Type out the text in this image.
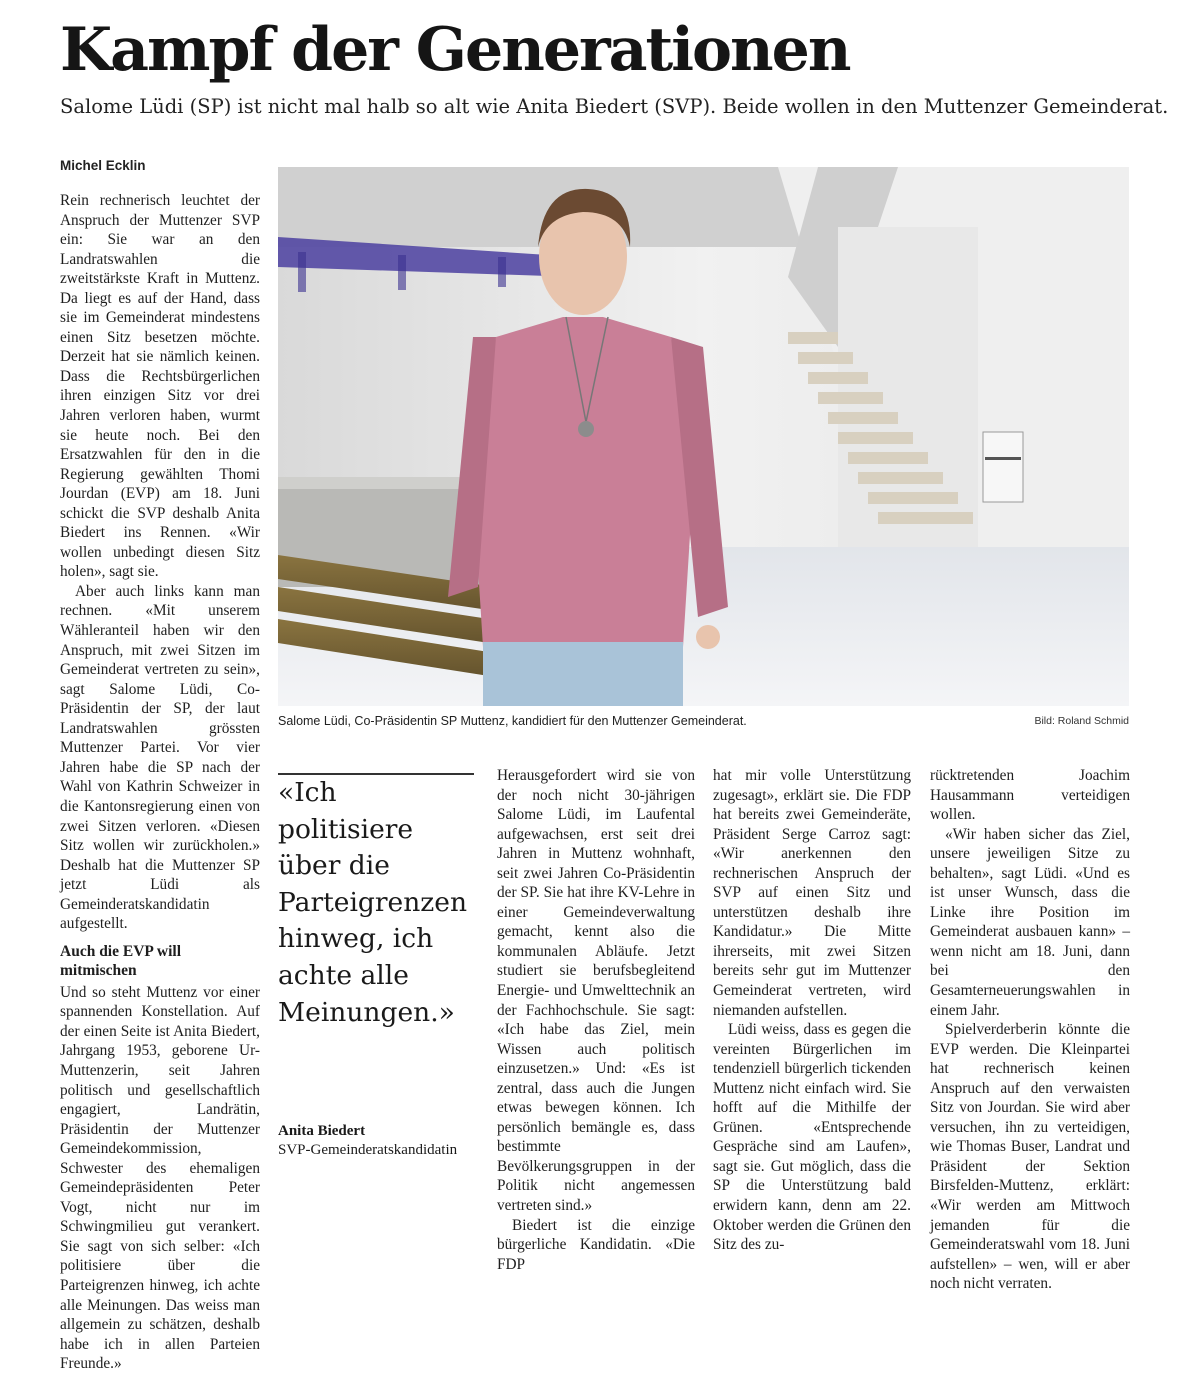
Kampf der Generationen

Salome Lüdi (SP) ist nicht mal halb so alt wie Anita Biedert (SVP). Beide wollen in den Muttenzer Gemeinderat.

Michel Ecklin

Rein rechnerisch leuchtet der Anspruch der Muttenzer SVP ein: Sie war an den Landratswahlen die zweitstärkste Kraft in Muttenz. Da liegt es auf der Hand, dass sie im Gemeinderat mindestens einen Sitz besetzen möchte. Derzeit hat sie nämlich keinen. Dass die Rechtsbürgerlichen ihren einzigen Sitz vor drei Jahren verloren haben, wurmt sie heute noch. Bei den Ersatzwahlen für den in die Regierung gewählten Thomi Jourdan (EVP) am 18. Juni schickt die SVP deshalb Anita Biedert ins Rennen. «Wir wollen unbedingt diesen Sitz holen», sagt sie.

Aber auch links kann man rechnen. «Mit unserem Wähleranteil haben wir den Anspruch, mit zwei Sitzen im Gemeinderat vertreten zu sein», sagt Salome Lüdi, Co-Präsidentin der SP, der laut Landratswahlen grössten Muttenzer Partei. Vor vier Jahren habe die SP nach der Wahl von Kathrin Schweizer in die Kantonsregierung einen von zwei Sitzen verloren. «Diesen Sitz wollen wir zurückholen.» Deshalb hat die Muttenzer SP jetzt Lüdi als Gemeinderatskandidatin aufgestellt.

Auch die EVP will mitmischen

Und so steht Muttenz vor einer spannenden Konstellation. Auf der einen Seite ist Anita Biedert, Jahrgang 1953, geborene Ur-Muttenzerin, seit Jahren politisch und gesellschaftlich engagiert, Landrätin, Präsidentin der Muttenzer Gemeindekommission, Schwester des ehemaligen Gemeindepräsidenten Peter Vogt, nicht nur im Schwingmilieu gut verankert. Sie sagt von sich selber: «Ich politisiere über die Parteigrenzen hinweg, ich achte alle Meinungen. Das weiss man allgemein zu schätzen, deshalb habe ich in allen Parteien Freunde.»

Salome Lüdi, Co-Präsidentin SP Muttenz, kandidiert für den Muttenzer Gemeinderat.	Bild: Roland Schmid

«Ich politisiere über die Parteigrenzen hinweg, ich achte alle Meinungen.»

Anita Biedert
SVP-Gemeinderatskandidatin

Herausgefordert wird sie von der noch nicht 30-jährigen Salome Lüdi, im Laufental aufgewachsen, erst seit drei Jahren in Muttenz wohnhaft, seit zwei Jahren Co-Präsidentin der SP. Sie hat ihre KV-Lehre in einer Gemeindeverwaltung gemacht, kennt also die kommunalen Abläufe. Jetzt studiert sie berufsbegleitend Energie- und Umwelttechnik an der Fachhochschule. Sie sagt: «Ich habe das Ziel, mein Wissen auch politisch einzusetzen.» Und: «Es ist zentral, dass auch die Jungen etwas bewegen können. Ich persönlich bemängle es, dass bestimmte Bevölkerungsgruppen in der Politik nicht angemessen vertreten sind.»

Biedert ist die einzige bürgerliche Kandidatin. «Die FDP

hat mir volle Unterstützung zugesagt», erklärt sie. Die FDP hat bereits zwei Gemeinderäte, Präsident Serge Carroz sagt: «Wir anerkennen den rechnerischen Anspruch der SVP auf einen Sitz und unterstützen deshalb ihre Kandidatur.» Die Mitte ihrerseits, mit zwei Sitzen bereits sehr gut im Muttenzer Gemeinderat vertreten, wird niemanden aufstellen.

Lüdi weiss, dass es gegen die vereinten Bürgerlichen im tendenziell bürgerlich tickenden Muttenz nicht einfach wird. Sie hofft auf die Mithilfe der Grünen. «Entsprechende Gespräche sind am Laufen», sagt sie. Gut möglich, dass die SP die Unterstützung bald erwidern kann, denn am 22. Oktober werden die Grünen den Sitz des zu-

rücktretenden Joachim Hausammann verteidigen wollen.

«Wir haben sicher das Ziel, unsere jeweiligen Sitze zu behalten», sagt Lüdi. «Und es ist unser Wunsch, dass die Linke ihre Position im Gemeinderat ausbauen kann» – wenn nicht am 18. Juni, dann bei den Gesamterneuerungswahlen in einem Jahr.

Spielverderberin könnte die EVP werden. Die Kleinpartei hat rechnerisch keinen Anspruch auf den verwaisten Sitz von Jourdan. Sie wird aber versuchen, ihn zu verteidigen, wie Thomas Buser, Landrat und Präsident der Sektion Birsfelden-Muttenz, erklärt: «Wir werden am Mittwoch jemanden für die Gemeinderatswahl vom 18. Juni aufstellen» – wen, will er aber noch nicht verraten.
